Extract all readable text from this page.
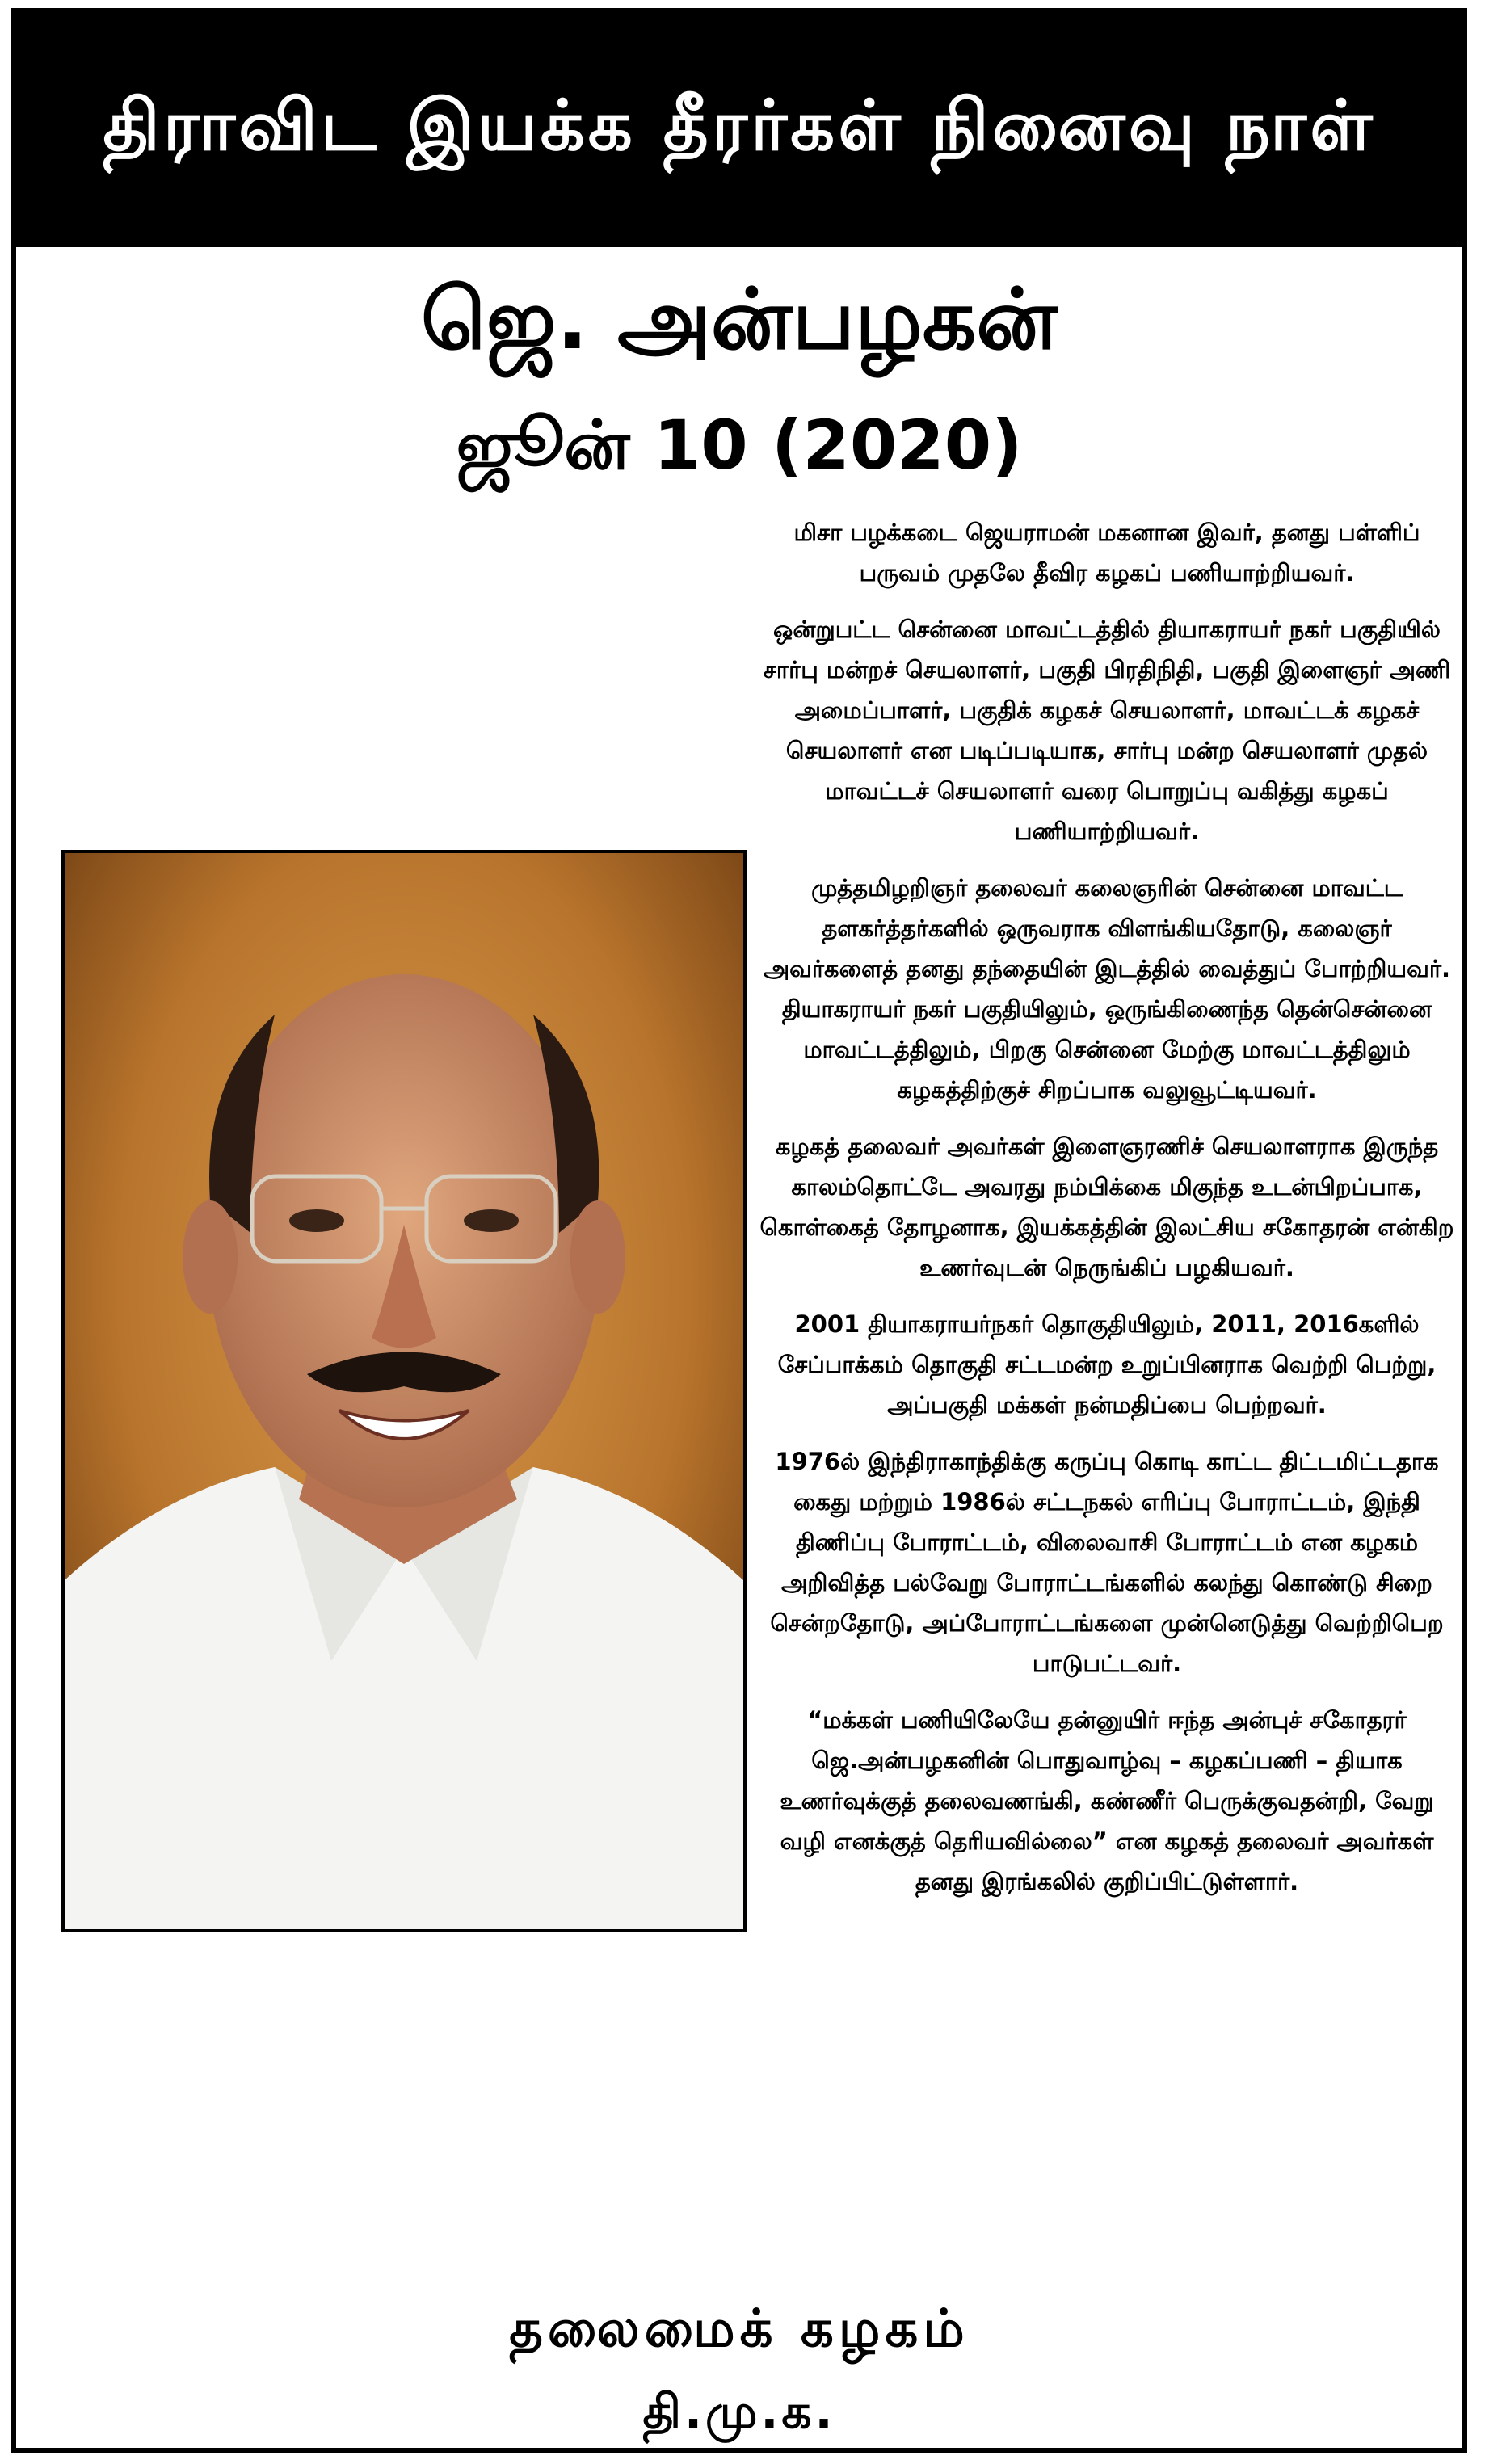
திராவிட இயக்க தீரர்கள் நினைவு நாள்
ஜெ. அன்பழகன்
ஜூன் 10 (2020)

மிசா பழக்கடை ஜெயராமன் மகனான இவர், தனது பள்ளிப் பருவம் முதலே தீவிர கழகப் பணியாற்றியவர்.

ஒன்றுபட்ட சென்னை மாவட்டத்தில் தியாகராயர் நகர் பகுதியில் சார்பு மன்றச் செயலாளர், பகுதி பிரதிநிதி, பகுதி இளைஞர் அணி அமைப்பாளர், பகுதிக் கழகச் செயலாளர், மாவட்டக் கழகச் செயலாளர் என படிப்படியாக, சார்பு மன்ற செயலாளர் முதல் மாவட்டச் செயலாளர் வரை பொறுப்பு வகித்து கழகப் பணியாற்றியவர்.

முத்தமிழறிஞர் தலைவர் கலைஞரின் சென்னை மாவட்ட தளகர்த்தர்களில் ஒருவராக விளங்கியதோடு, கலைஞர் அவர்களைத் தனது தந்தையின் இடத்தில் வைத்துப் போற்றியவர். தியாகராயர் நகர் பகுதியிலும், ஒருங்கிணைந்த தென்சென்னை மாவட்டத்திலும், பிறகு சென்னை மேற்கு மாவட்டத்திலும் கழகத்திற்குச் சிறப்பாக வலுவூட்டியவர்.

கழகத் தலைவர் அவர்கள் இளைஞரணிச் செயலாளராக இருந்த காலம்தொட்டே அவரது நம்பிக்கை மிகுந்த உடன்பிறப்பாக, கொள்கைத் தோழனாக, இயக்கத்தின் இலட்சிய சகோதரன் என்கிற உணர்வுடன் நெருங்கிப் பழகியவர்.

2001 தியாகராயர்நகர் தொகுதியிலும், 2011, 2016களில் சேப்பாக்கம் தொகுதி சட்டமன்ற உறுப்பினராக வெற்றி பெற்று, அப்பகுதி மக்கள் நன்மதிப்பை பெற்றவர்.

1976ல் இந்திராகாந்திக்கு கருப்பு கொடி காட்ட திட்டமிட்டதாக கைது மற்றும் 1986ல் சட்டநகல் எரிப்பு போராட்டம், இந்தி திணிப்பு போராட்டம், விலைவாசி போராட்டம் என கழகம் அறிவித்த பல்வேறு போராட்டங்களில் கலந்து கொண்டு சிறை சென்றதோடு, அப்போராட்டங்களை முன்னெடுத்து வெற்றிபெற பாடுபட்டவர்.

“மக்கள் பணியிலேயே தன்னுயிர் ஈந்த அன்புச் சகோதரர் ஜெ.அன்பழகனின் பொதுவாழ்வு – கழகப்பணி – தியாக உணர்வுக்குத் தலைவணங்கி, கண்ணீர் பெருக்குவதன்றி, வேறு வழி எனக்குத் தெரியவில்லை” என கழகத் தலைவர் அவர்கள் தனது இரங்கலில் குறிப்பிட்டுள்ளார்.

தலைமைக் கழகம்
தி.மு.க.
